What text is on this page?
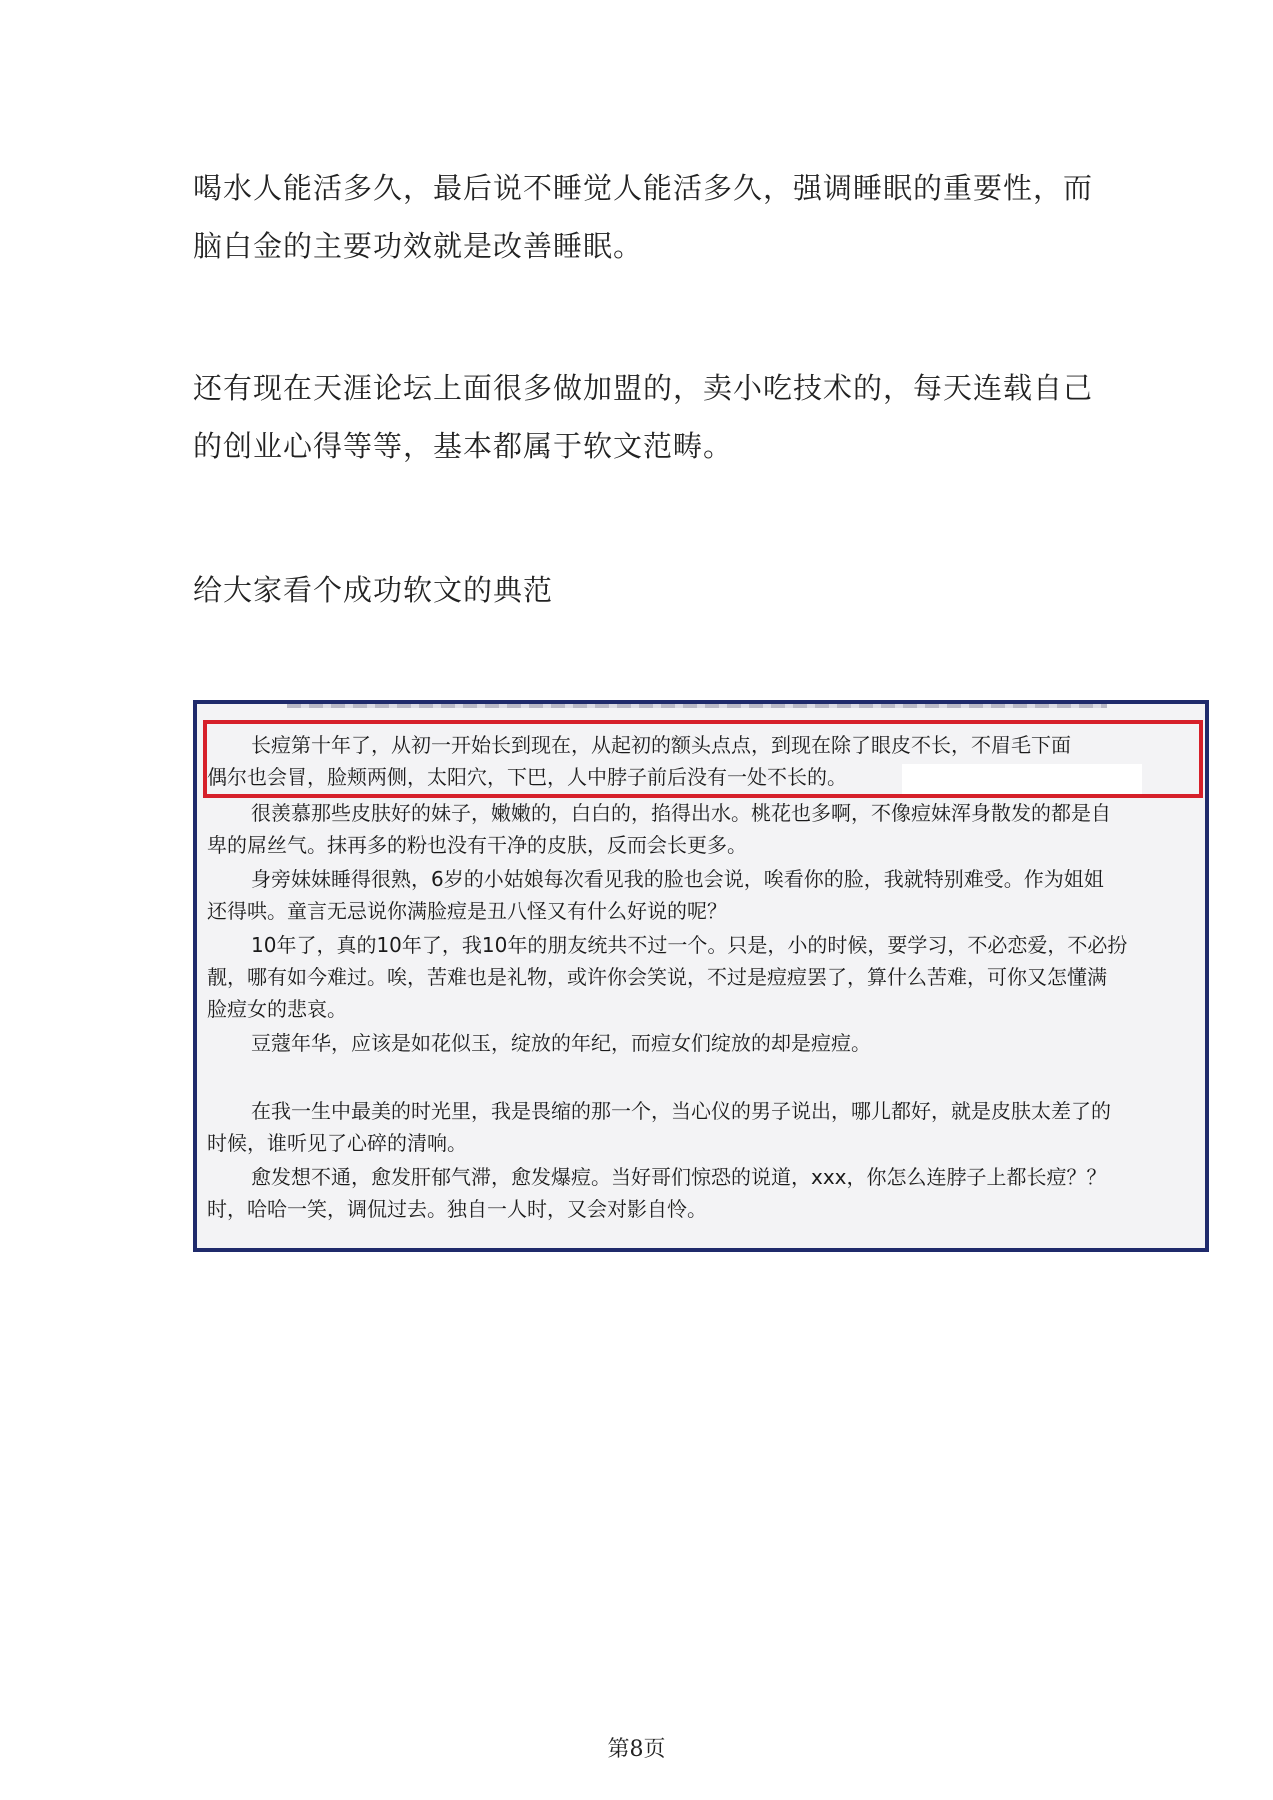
喝水人能活多久，最后说不睡觉人能活多久，强调睡眠的重要性，而
脑白金的主要功效就是改善睡眠。
还有现在天涯论坛上面很多做加盟的，卖小吃技术的，每天连载自己
的创业心得等等，基本都属于软文范畴。
给大家看个成功软文的典范
长痘第十年了，从初一开始长到现在，从起初的额头点点，到现在除了眼皮不长，不眉毛下面
偶尔也会冒，脸颊两侧，太阳穴，下巴，人中脖子前后没有一处不长的。
很羡慕那些皮肤好的妹子，嫩嫩的，白白的，掐得出水。桃花也多啊，不像痘妹浑身散发的都是自
卑的屌丝气。抹再多的粉也没有干净的皮肤，反而会长更多。
身旁妹妹睡得很熟，6岁的小姑娘每次看见我的脸也会说，唉看你的脸，我就特别难受。作为姐姐
还得哄。童言无忌说你满脸痘是丑八怪又有什么好说的呢？
10年了，真的10年了，我10年的朋友统共不过一个。只是，小的时候，要学习，不必恋爱，不必扮
靓，哪有如今难过。唉，苦难也是礼物，或许你会笑说，不过是痘痘罢了，算什么苦难，可你又怎懂满
脸痘女的悲哀。
豆蔻年华，应该是如花似玉，绽放的年纪，而痘女们绽放的却是痘痘。
在我一生中最美的时光里，我是畏缩的那一个，当心仪的男子说出，哪儿都好，就是皮肤太差了的
时候，谁听见了心碎的清响。
愈发想不通，愈发肝郁气滞，愈发爆痘。当好哥们惊恐的说道，xxx，你怎么连脖子上都长痘？？
时，哈哈一笑，调侃过去。独自一人时，又会对影自怜。
第8页
